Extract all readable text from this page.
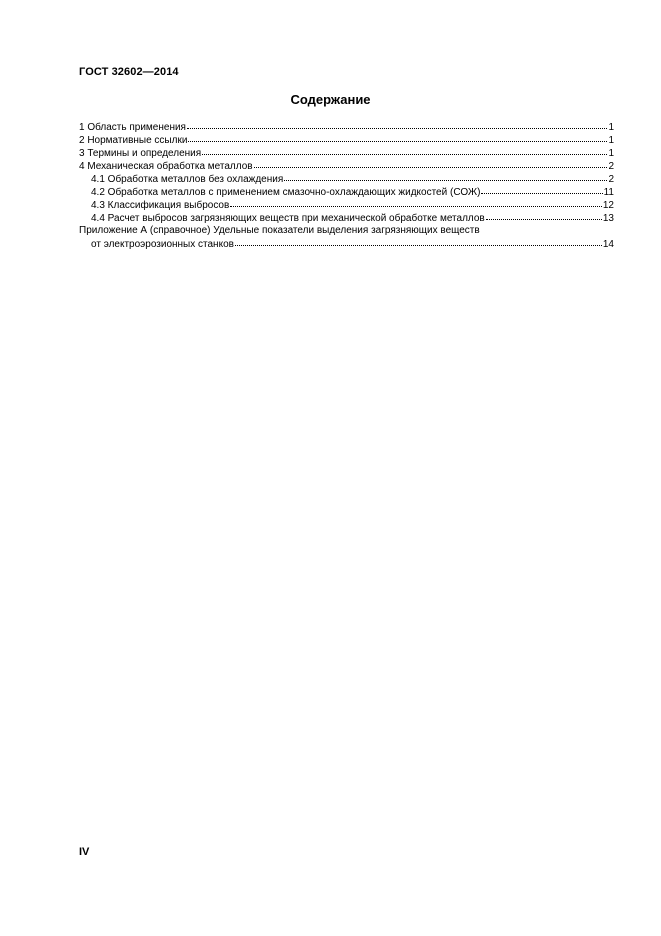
ГОСТ 32602—2014
Содержание
1 Область применения	1
2 Нормативные ссылки	1
3 Термины и определения	1
4 Механическая обработка металлов	2
4.1 Обработка металлов без охлаждения	2
4.2 Обработка металлов с применением смазочно-охлаждающих жидкостей (СОЖ)	11
4.3 Классификация выбросов	12
4.4 Расчет выбросов загрязняющих веществ при механической обработке металлов	13
Приложение А (справочное) Удельные показатели выделения загрязняющих веществ
от электроэрозионных станков	14
IV
